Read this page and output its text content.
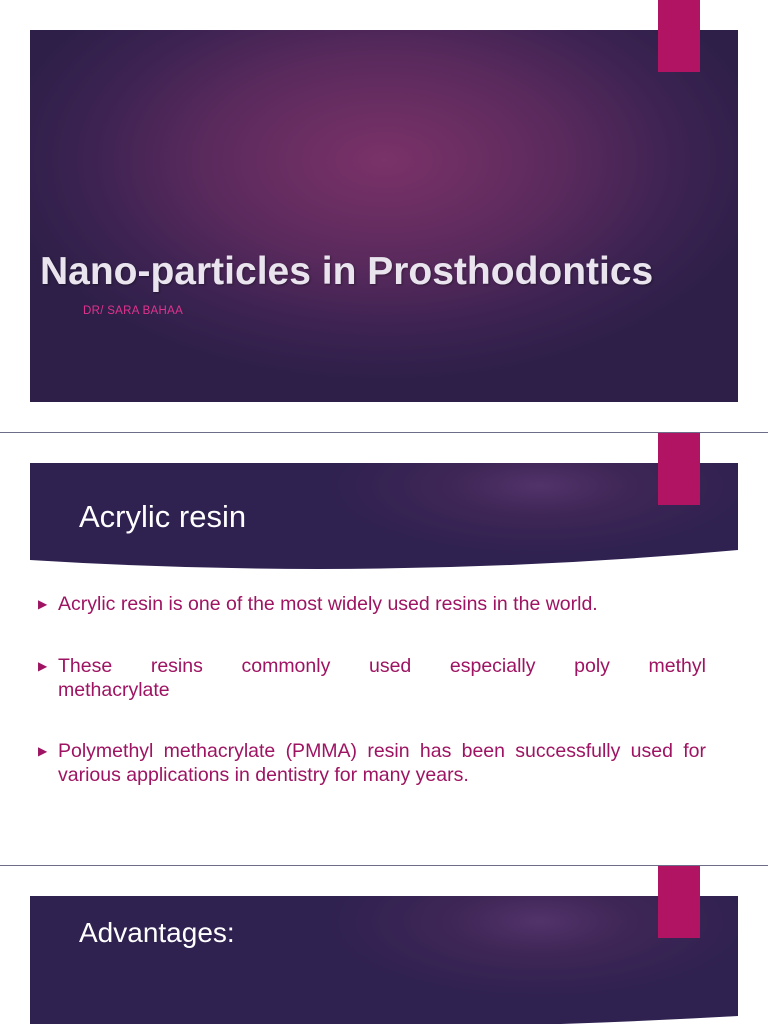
Nano-particles in Prosthodontics
DR/ SARA BAHAA
Acrylic resin
▶ Acrylic resin is one of the most widely used resins in the world.
▶ These resins commonly used especially poly methyl
methacrylate
▶ Polymethyl methacrylate (PMMA) resin has been successfully used for various applications in dentistry for many years.
Advantages:
